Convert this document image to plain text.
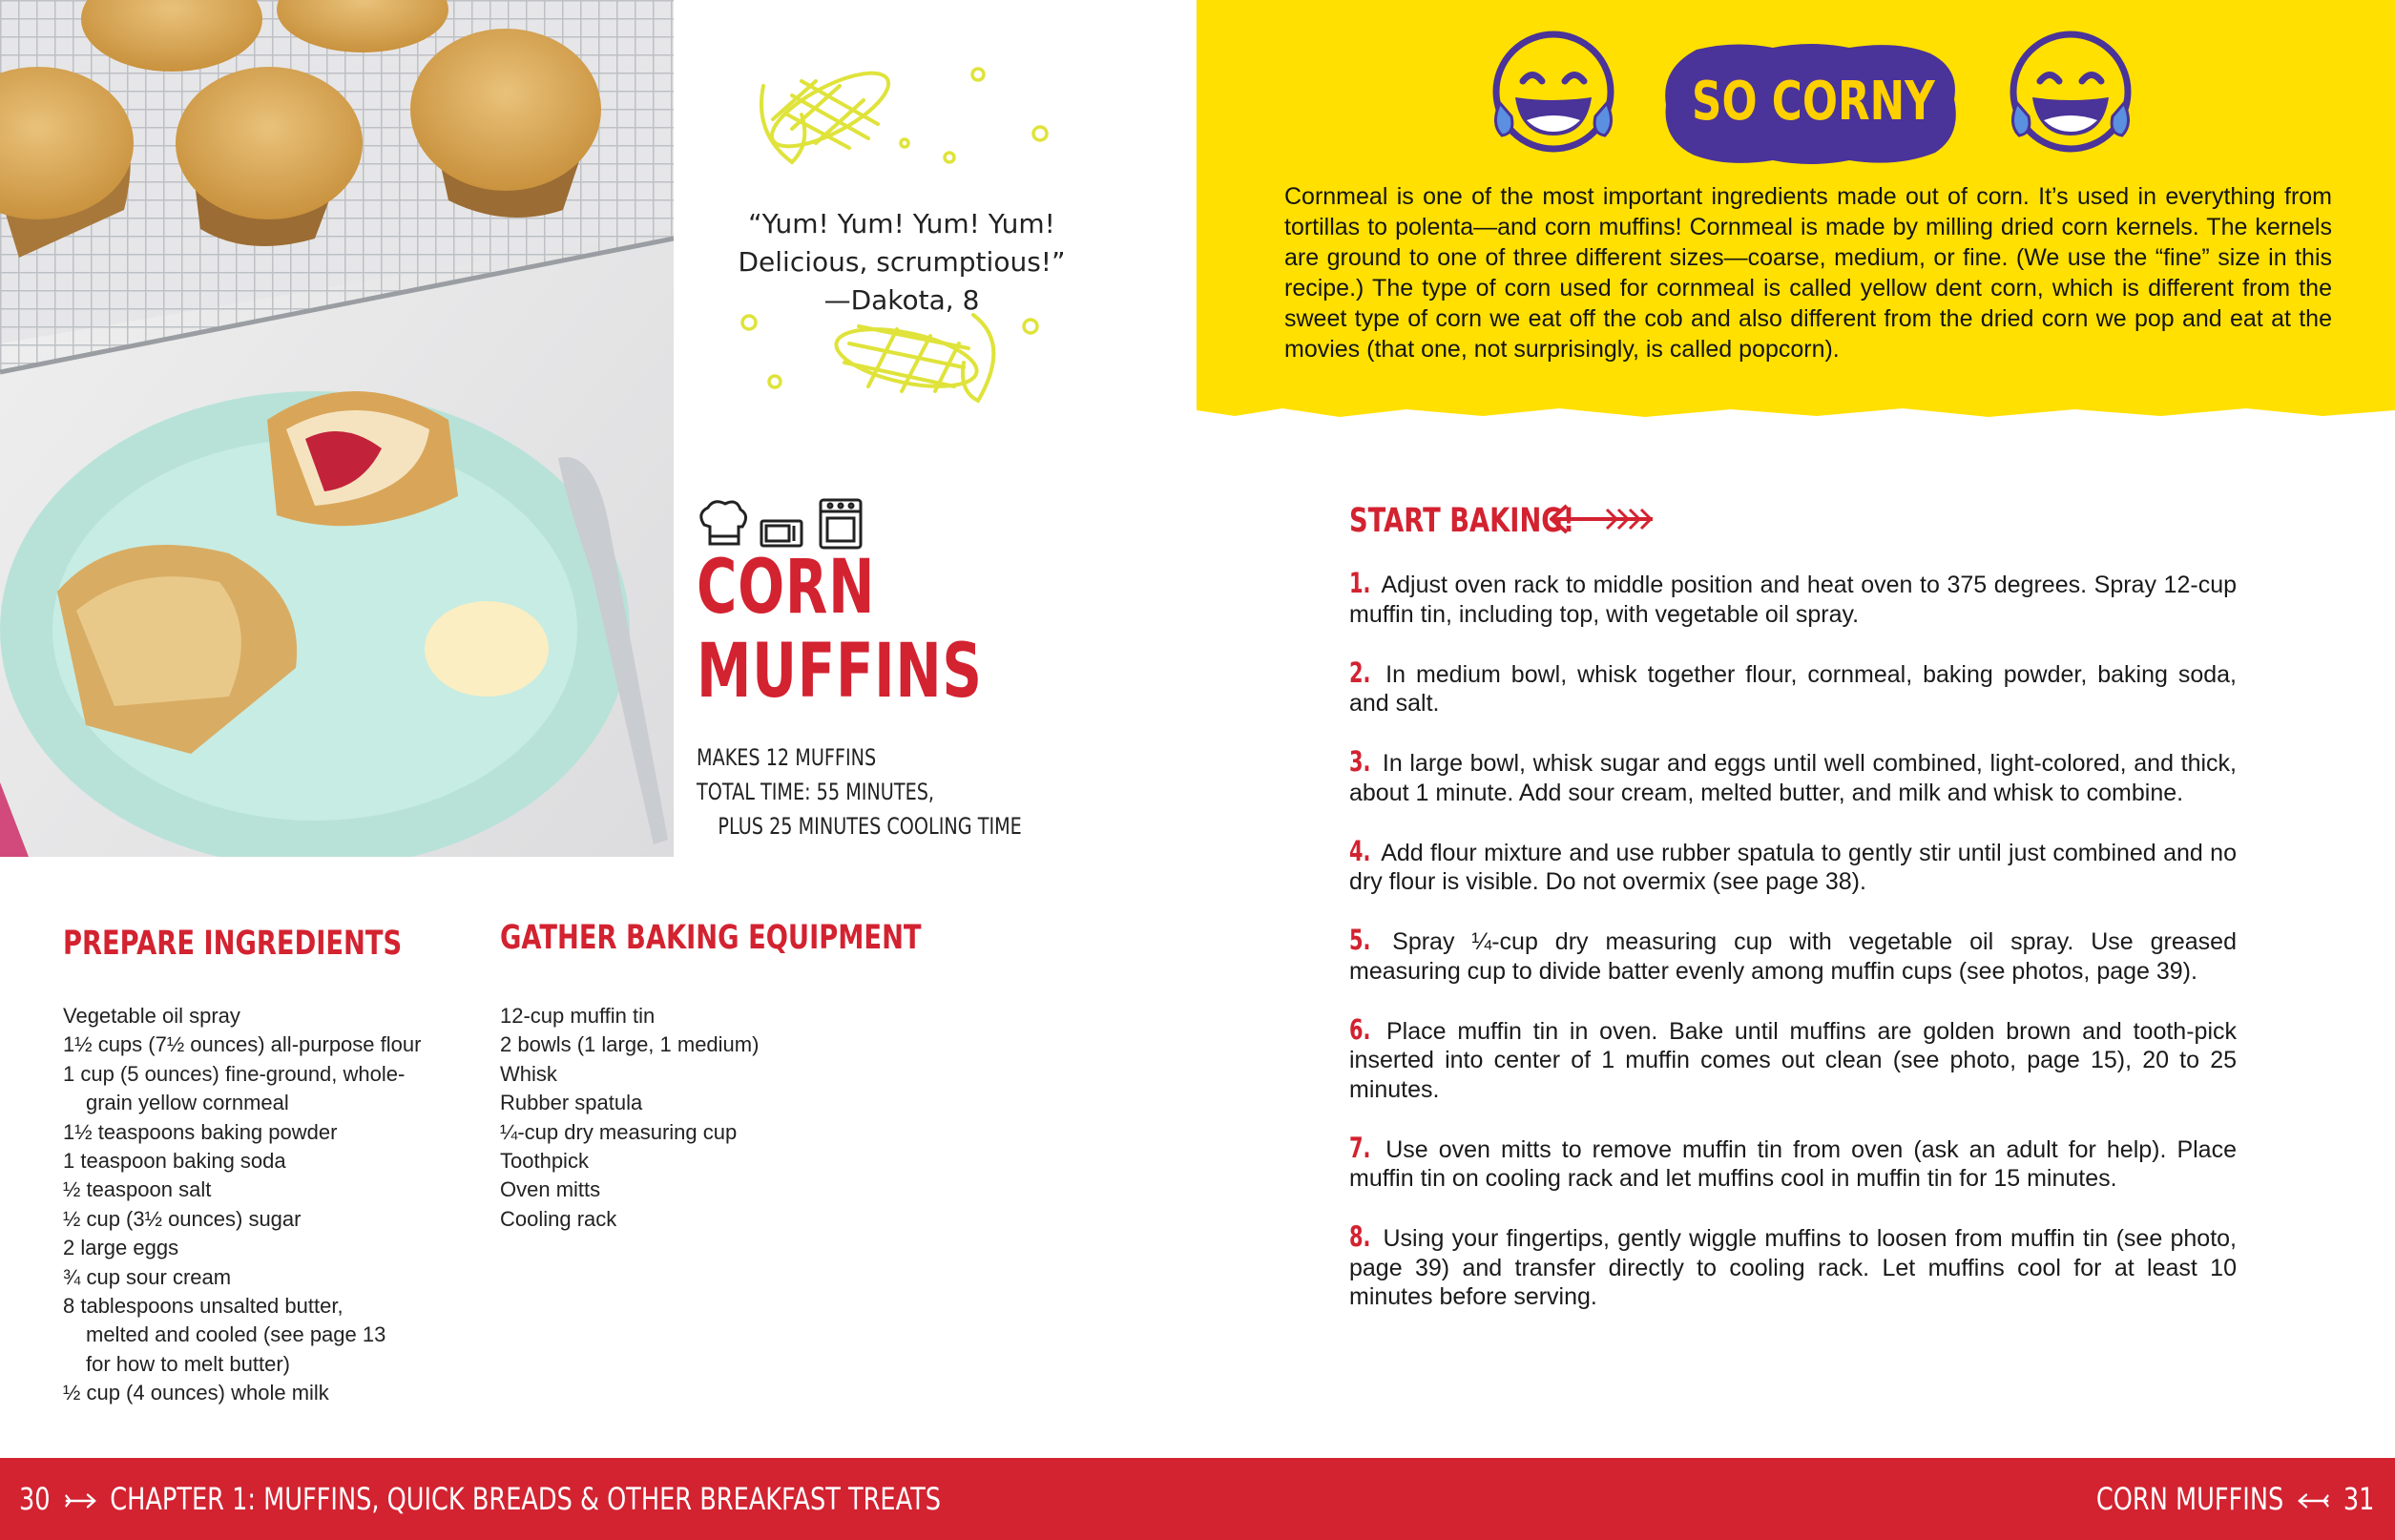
“Yum! Yum! Yum! Yum!
Delicious, scrumptious!”
—Dakota, 8
CORN
MUFFINS
MAKES 12 MUFFINS
TOTAL TIME: 55 MINUTES,
PLUS 25 MINUTES COOLING TIME
PREPARE INGREDIENTS
Vegetable oil spray
1½ cups (7½ ounces) all-purpose flour
1 cup (5 ounces) fine-ground, whole-
grain yellow cornmeal
1½ teaspoons baking powder
1 teaspoon baking soda
½ teaspoon salt
½ cup (3½ ounces) sugar
2 large eggs
¾ cup sour cream
8 tablespoons unsalted butter,
melted and cooled (see page 13
for how to melt butter)
½ cup (4 ounces) whole milk
GATHER BAKING EQUIPMENT
12-cup muffin tin
2 bowls (1 large, 1 medium)
Whisk
Rubber spatula
¼-cup dry measuring cup
Toothpick
Oven mitts
Cooling rack
SO CORNY

Cornmeal is one of the most important ingredients made out of corn. It’s used in everything from tortillas to polenta—and corn muffins! Cornmeal is made by milling dried corn kernels. The kernels are ground to one of three different sizes—coarse, medium, or fine. (We use the “fine” size in this recipe.) The type of corn used for cornmeal is called yellow dent corn, which is different from the sweet type of corn we eat off the cob and also different from the dried corn we pop and eat at the movies (that one, not surprisingly, is called popcorn).

START BAKING!
1. Adjust oven rack to middle position and heat oven to 375 degrees. Spray 12-cup muffin tin, including top, with vegetable oil spray.
2. In medium bowl, whisk together flour, cornmeal, baking powder, baking soda, and salt.
3. In large bowl, whisk sugar and eggs until well combined, light-colored, and thick, about 1 minute. Add sour cream, melted butter, and milk and whisk to combine.
4. Add flour mixture and use rubber spatula to gently stir until just combined and no dry flour is visible. Do not overmix (see page 38).
5. Spray ¼-cup dry measuring cup with vegetable oil spray. Use greased measuring cup to divide batter evenly among muffin cups (see photos, page 39).
6. Place muffin tin in oven. Bake until muffins are golden brown and tooth-pick inserted into center of 1 muffin comes out clean (see photo, page 15), 20 to 25 minutes.
7. Use oven mitts to remove muffin tin from oven (ask an adult for help). Place muffin tin on cooling rack and let muffins cool in muffin tin for 15 minutes.
8. Using your fingertips, gently wiggle muffins to loosen from muffin tin (see photo, page 39) and transfer directly to cooling rack. Let muffins cool for at least 10 minutes before serving.
30 CHAPTER 1: MUFFINS, QUICK BREADS & OTHER BREAKFAST TREATS	CORN MUFFINS 31
